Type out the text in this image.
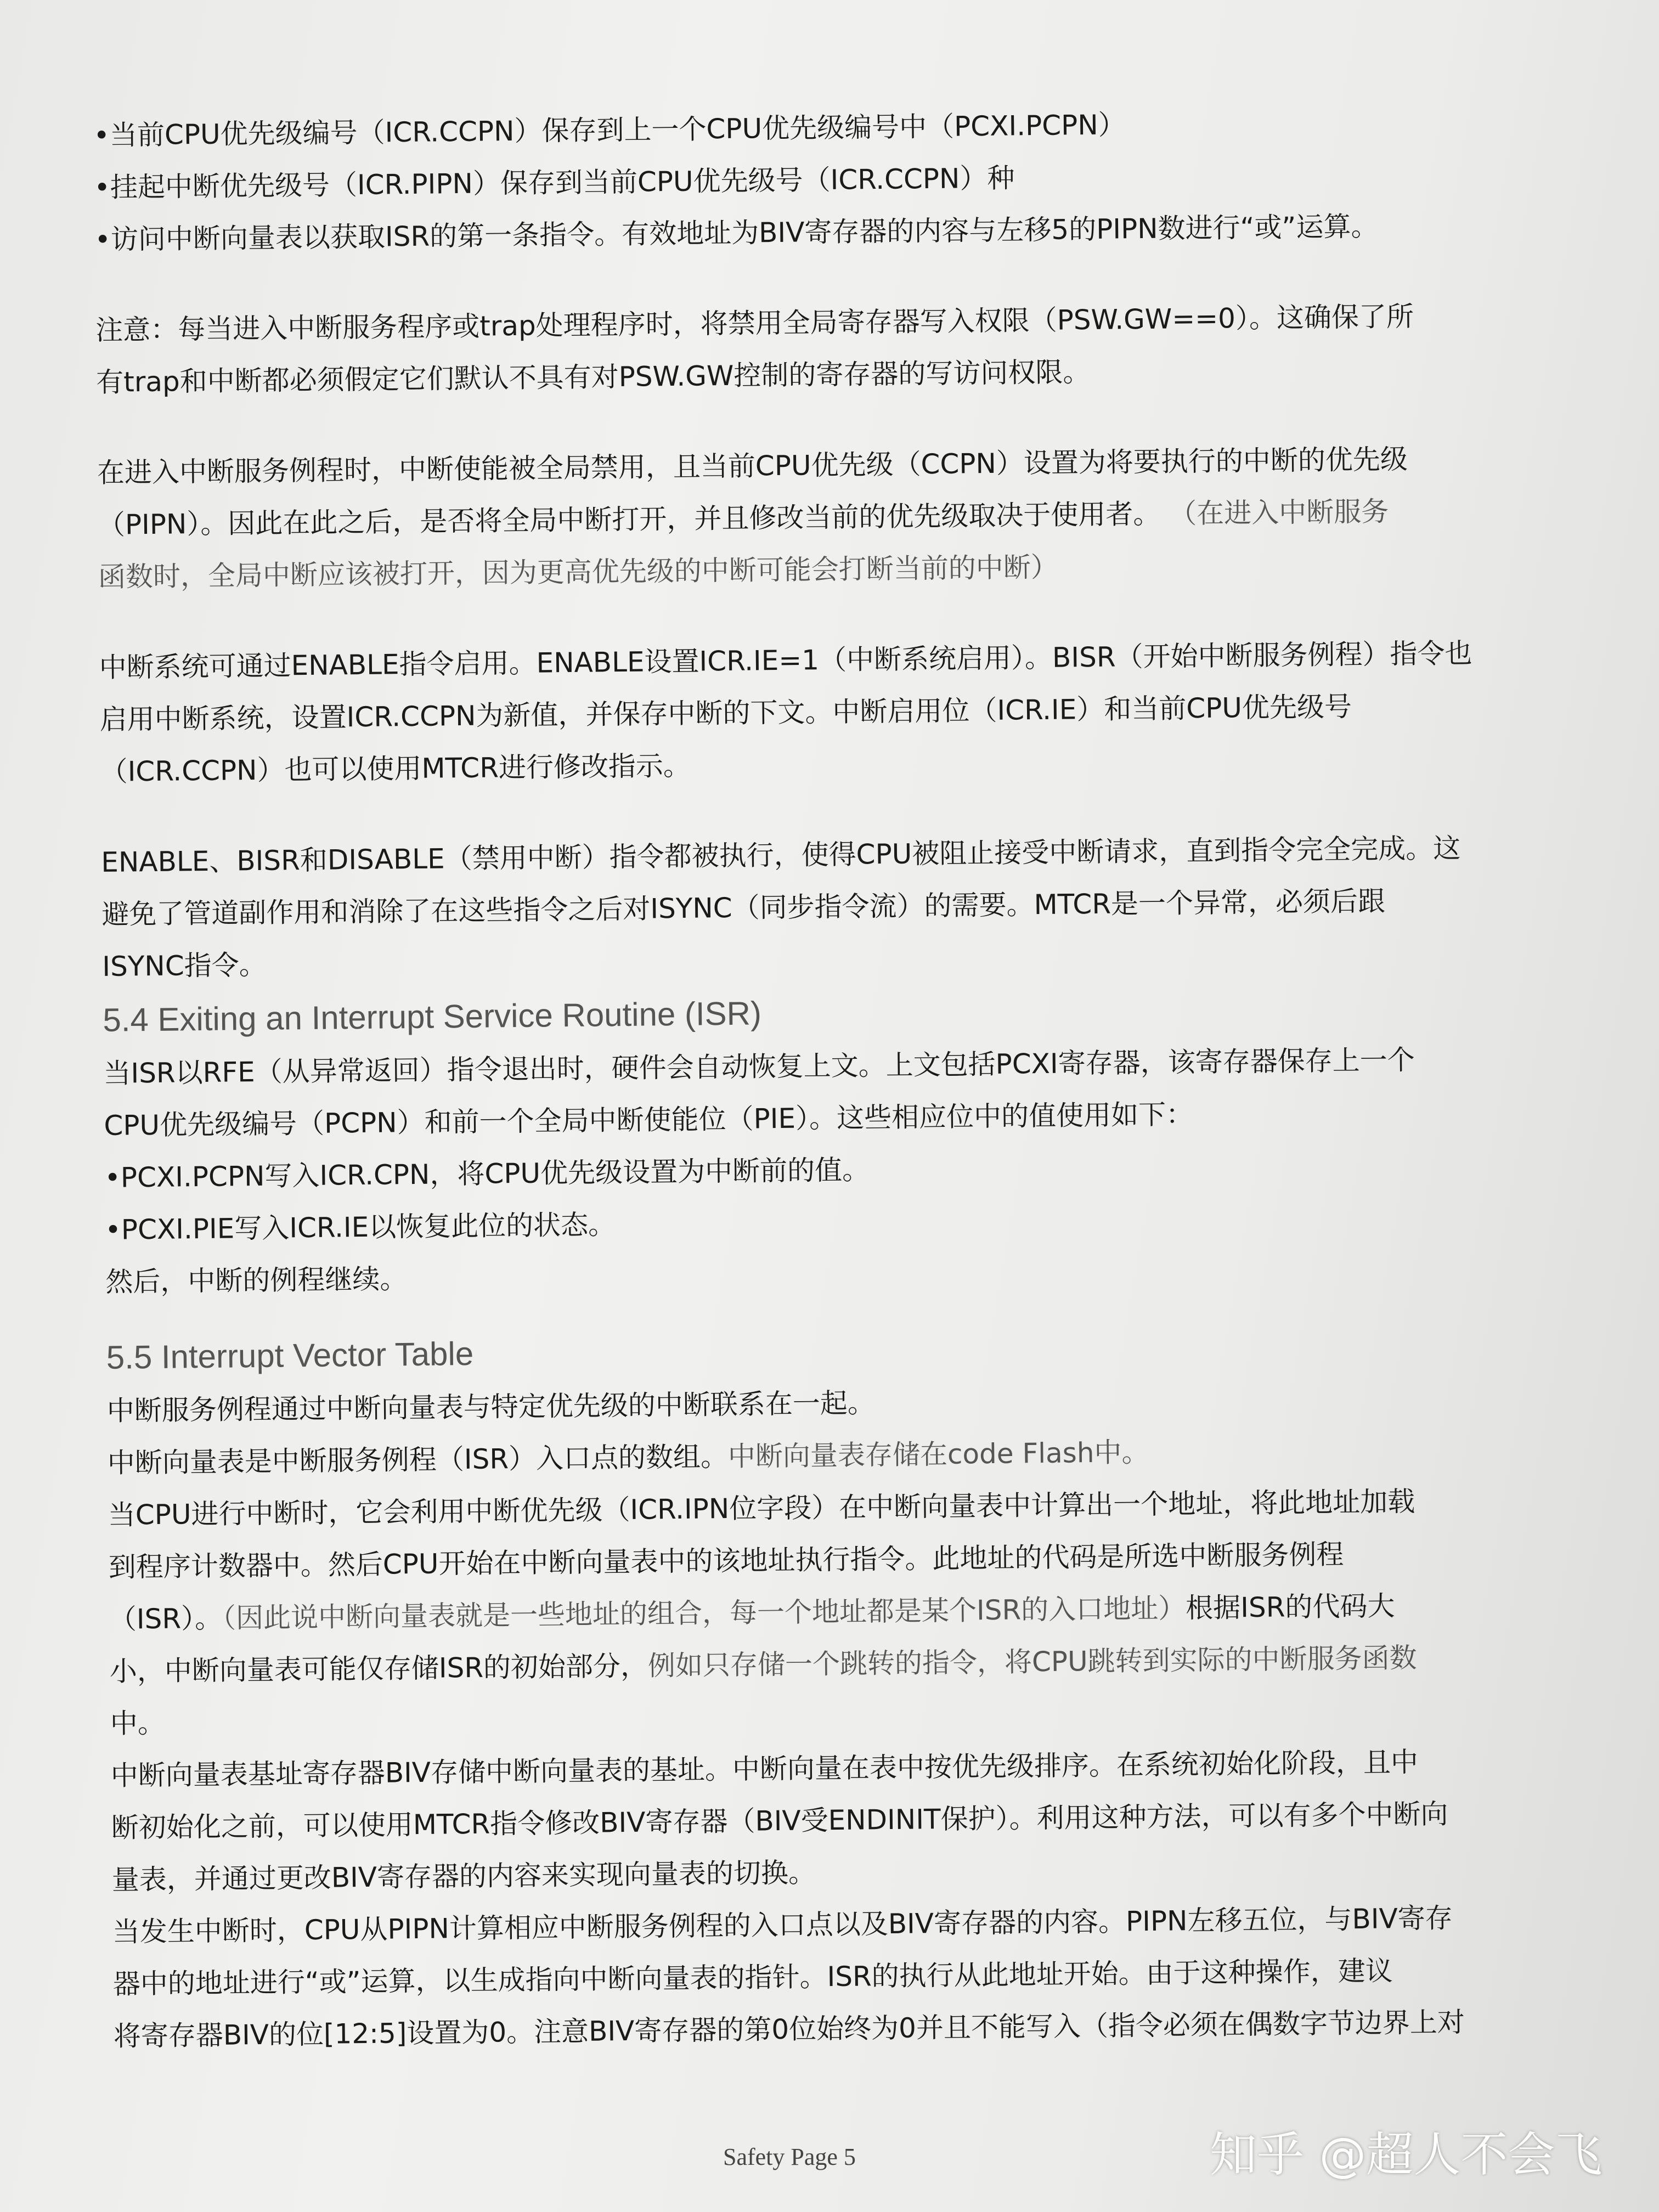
•当前CPU优先级编号（ICR.CCPN）保存到上一个CPU优先级编号中（PCXI.PCPN）
•挂起中断优先级号（ICR.PIPN）保存到当前CPU优先级号（ICR.CCPN）种
•访问中断向量表以获取ISR的第一条指令。有效地址为BIV寄存器的内容与左移5的PIPN数进行“或”运算。
注意：每当进入中断服务程序或trap处理程序时，将禁用全局寄存器写入权限（PSW.GW==0）。这确保了所
有trap和中断都必须假定它们默认不具有对PSW.GW控制的寄存器的写访问权限。
在进入中断服务例程时，中断使能被全局禁用，且当前CPU优先级（CCPN）设置为将要执行的中断的优先级
（PIPN）。因此在此之后，是否将全局中断打开，并且修改当前的优先级取决于使用者。 （在进入中断服务
函数时，全局中断应该被打开，因为更高优先级的中断可能会打断当前的中断）
中断系统可通过ENABLE指令启用。ENABLE设置ICR.IE=1（中断系统启用）。BISR（开始中断服务例程）指令也
启用中断系统，设置ICR.CCPN为新值，并保存中断的下文。中断启用位（ICR.IE）和当前CPU优先级号
（ICR.CCPN）也可以使用MTCR进行修改指示。
ENABLE、BISR和DISABLE（禁用中断）指令都被执行，使得CPU被阻止接受中断请求，直到指令完全完成。这
避免了管道副作用和消除了在这些指令之后对ISYNC（同步指令流）的需要。MTCR是一个异常，必须后跟
ISYNC指令。
5.4 Exiting an Interrupt Service Routine (ISR)
当ISR以RFE（从异常返回）指令退出时，硬件会自动恢复上文。上文包括PCXI寄存器，该寄存器保存上一个
CPU优先级编号（PCPN）和前一个全局中断使能位（PIE）。这些相应位中的值使用如下：
•PCXI.PCPN写入ICR.CPN，将CPU优先级设置为中断前的值。
•PCXI.PIE写入ICR.IE以恢复此位的状态。
然后，中断的例程继续。
5.5 Interrupt Vector Table
中断服务例程通过中断向量表与特定优先级的中断联系在一起。
中断向量表是中断服务例程（ISR）入口点的数组。中断向量表存储在code Flash中。
当CPU进行中断时，它会利用中断优先级（ICR.IPN位字段）在中断向量表中计算出一个地址，将此地址加载
到程序计数器中。然后CPU开始在中断向量表中的该地址执行指令。此地址的代码是所选中断服务例程
（ISR）。（因此说中断向量表就是一些地址的组合，每一个地址都是某个ISR的入口地址）根据ISR的代码大
小，中断向量表可能仅存储ISR的初始部分，例如只存储一个跳转的指令，将CPU跳转到实际的中断服务函数
中。
中断向量表基址寄存器BIV存储中断向量表的基址。中断向量在表中按优先级排序。在系统初始化阶段，且中
断初始化之前，可以使用MTCR指令修改BIV寄存器（BIV受ENDINIT保护）。利用这种方法，可以有多个中断向
量表，并通过更改BIV寄存器的内容来实现向量表的切换。
当发生中断时，CPU从PIPN计算相应中断服务例程的入口点以及BIV寄存器的内容。PIPN左移五位，与BIV寄存
器中的地址进行“或”运算，以生成指向中断向量表的指针。ISR的执行从此地址开始。由于这种操作，建议
将寄存器BIV的位[12:5]设置为0。注意BIV寄存器的第0位始终为0并且不能写入（指令必须在偶数字节边界上对
Safety Page 5	知乎 @超人不会飞
